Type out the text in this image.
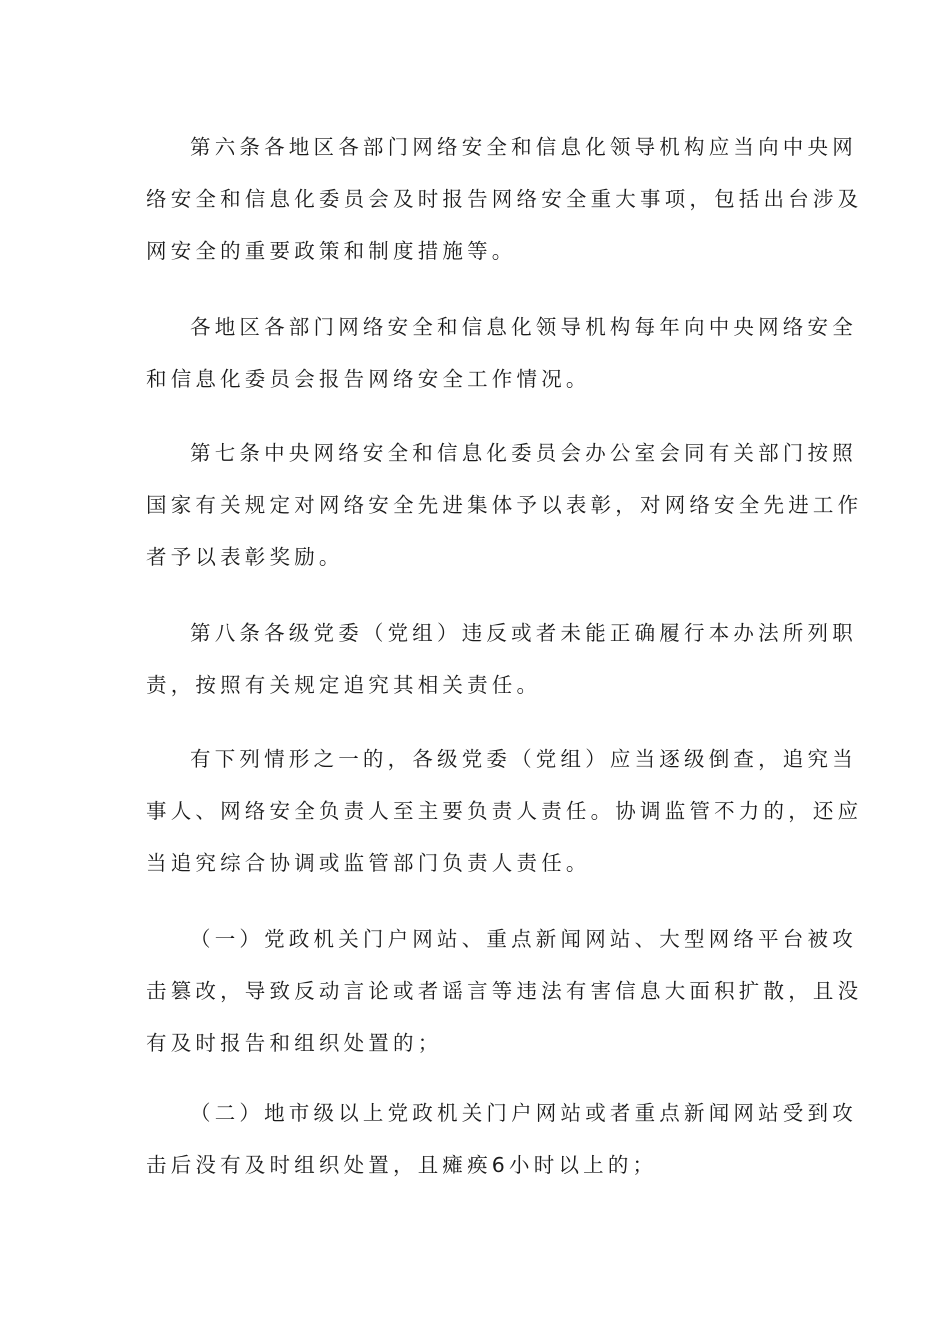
第六条各地区各部门网络安全和信息化领导机构应当向中央网
络安全和信息化委员会及时报告网络安全重大事项，包括出台涉及
网安全的重要政策和制度措施等。
各地区各部门网络安全和信息化领导机构每年向中央网络安全
和信息化委员会报告网络安全工作情况。
第七条中央网络安全和信息化委员会办公室会同有关部门按照
国家有关规定对网络安全先进集体予以表彰，对网络安全先进工作
者予以表彰奖励。
第八条各级党委（党组）违反或者未能正确履行本办法所列职
责，按照有关规定追究其相关责任。
有下列情形之一的，各级党委（党组）应当逐级倒查，追究当
事人、网络安全负责人至主要负责人责任。协调监管不力的，还应
当追究综合协调或监管部门负责人责任。
（一）党政机关门户网站、重点新闻网站、大型网络平台被攻
击篡改，导致反动言论或者谣言等违法有害信息大面积扩散，且没
有及时报告和组织处置的；
（二）地市级以上党政机关门户网站或者重点新闻网站受到攻
击后没有及时组织处置，且瘫痪6小时以上的；
